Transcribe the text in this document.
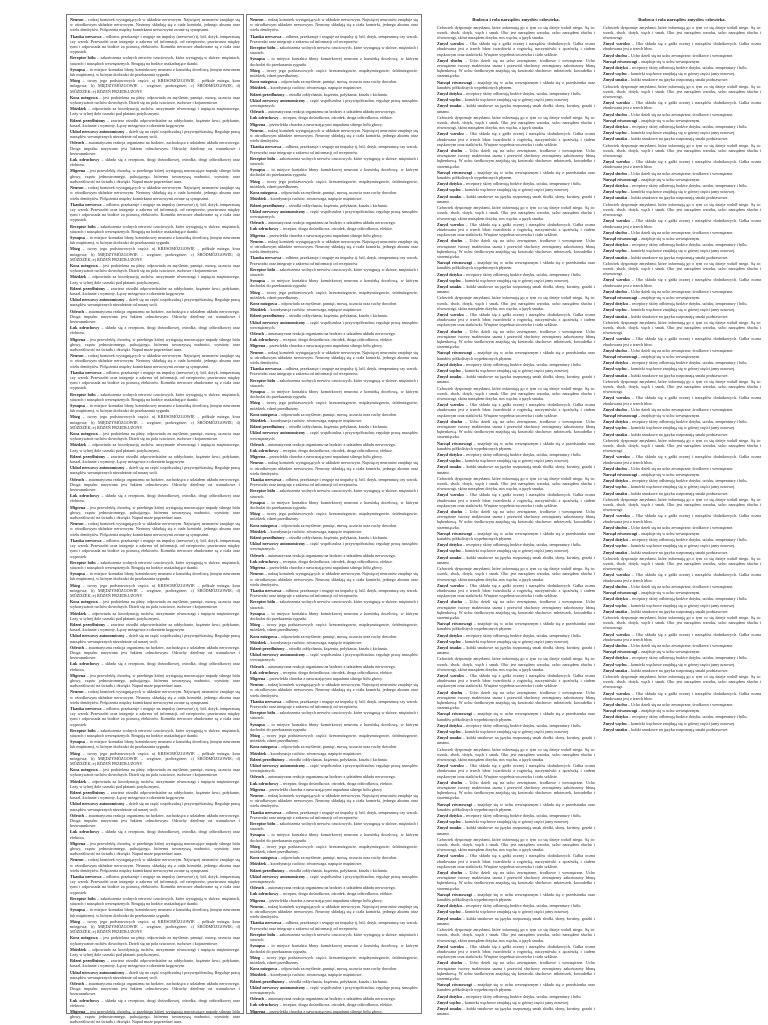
Neuron – rodzaj komórek występujących w układzie nerwowym. Najwięcej neuronów znajduje się w ośrodkowym układzie nerwowym. Neurony składają się z ciała komórki, jednego aksonu oraz wielu dendrytów. Połączenia między komórkami nerwowymi zwane są synapsami.

Tkanka nerwowa – odbiera, przekazuje i reaguje na impulsy (nerwowe) tj. ból, dotyk, temperaturę czy wzrok. Przewodzi oraz integruje z zakresu od informacji, od receptorów, przetwarza między tymi i odpowiada na bodźce za pomocą efektorów. Komórki nerwowe zbudowane są z ciała oraz wypustek.

Receptor bólu – zakończenia wolnych nerwów czuciowych, które występują w skórze, mięśniach, stawach i narządach wewnętrznych. Reagują na bodźce uszkadzające tkanki.

Synapsa – to miejsce kontaktu błony komórkowej neuronu z komórką docelową (innym neuronem lub mięśniem), w którym dochodzi do przekazania sygnału.

Mózg – twory jego podstawowych części: a) KRESOMÓZGOWIE – półkule mózgu, kora mózgowa; b) MIĘDZYMÓZGOWIE – wzgórze, podwzgórze; c) ŚRÓDMÓZGOWIE; d) MÓŻDŻEK; e) RDZEŃ PRZEDŁUŻONY.

Kora mózgowa – jest podzielona na płaty, odpowiada za myślenie, pamięć, mowę, uczucia oraz wykonywanie ruchów dowolnych. Dzieli się na pola czuciowe, ruchowe i kojarzeniowe.

Móżdżek – odpowiada za koordynację ruchów, utrzymanie równowagi i napięcia mięśniowego. Leży w tylnej dole czaszki pod płatami potylicznymi.

Rdzeń przedłużony – zawiera ośrodki odpowiedzialne za oddychanie, krążenie krwi, połykanie, kaszel, kichanie i wymioty. Łączy mózgowie z rdzeniem kręgowym.

Układ nerwowy autonomiczny – dzieli się na część współczulną i przywspółczulną. Reguluje pracę narządów wewnętrznych niezależnie od naszej woli.

Odruch – automatyczna reakcja organizmu na bodziec, zachodząca z udziałem układu nerwowego. Droga impulsu nazywana jest łukiem odruchowym. Odruchy dzielimy na warunkowe i bezwarunkowe.

Łuk odruchowy – składa się z receptora, drogi dośrodkowej, ośrodka, drogi odśrodkowej oraz efektora.

Migrena – jest przewlekłą chorobą, w przebiegu której występują nawracające napady silnego bólu głowy, często jednostronnego, pulsującego, któremu towarzyszą nudności, wymioty oraz nadwrażliwość na światło i dźwięki. Napad może poprzedzać aura.

Neuron – rodzaj komórek występujących w układzie nerwowym. Najwięcej neuronów znajduje się w ośrodkowym układzie nerwowym. Neurony składają się z ciała komórki, jednego aksonu oraz wielu dendrytów. Połączenia między komórkami nerwowymi zwane są synapsami.

Tkanka nerwowa – odbiera, przekazuje i reaguje na impulsy (nerwowe) tj. ból, dotyk, temperaturę czy wzrok. Przewodzi oraz integruje z zakresu od informacji, od receptorów, przetwarza między tymi i odpowiada na bodźce za pomocą efektorów. Komórki nerwowe zbudowane są z ciała oraz wypustek.

Receptor bólu – zakończenia wolnych nerwów czuciowych, które występują w skórze, mięśniach, stawach i narządach wewnętrznych. Reagują na bodźce uszkadzające tkanki.

Synapsa – to miejsce kontaktu błony komórkowej neuronu z komórką docelową (innym neuronem lub mięśniem), w którym dochodzi do przekazania sygnału.

Mózg – twory jego podstawowych części: a) KRESOMÓZGOWIE – półkule mózgu, kora mózgowa; b) MIĘDZYMÓZGOWIE – wzgórze, podwzgórze; c) ŚRÓDMÓZGOWIE; d) MÓŻDŻEK; e) RDZEŃ PRZEDŁUŻONY.

Kora mózgowa – jest podzielona na płaty, odpowiada za myślenie, pamięć, mowę, uczucia oraz wykonywanie ruchów dowolnych. Dzieli się na pola czuciowe, ruchowe i kojarzeniowe.

Móżdżek – odpowiada za koordynację ruchów, utrzymanie równowagi i napięcia mięśniowego. Leży w tylnej dole czaszki pod płatami potylicznymi.

Rdzeń przedłużony – zawiera ośrodki odpowiedzialne za oddychanie, krążenie krwi, połykanie, kaszel, kichanie i wymioty. Łączy mózgowie z rdzeniem kręgowym.

Układ nerwowy autonomiczny – dzieli się na część współczulną i przywspółczulną. Reguluje pracę narządów wewnętrznych niezależnie od naszej woli.

Odruch – automatyczna reakcja organizmu na bodziec, zachodząca z udziałem układu nerwowego. Droga impulsu nazywana jest łukiem odruchowym. Odruchy dzielimy na warunkowe i bezwarunkowe.

Łuk odruchowy – składa się z receptora, drogi dośrodkowej, ośrodka, drogi odśrodkowej oraz efektora.

Migrena – jest przewlekłą chorobą, w przebiegu której występują nawracające napady silnego bólu głowy, często jednostronnego, pulsującego, któremu towarzyszą nudności, wymioty oraz nadwrażliwość na światło i dźwięki. Napad może poprzedzać aura.

Neuron – rodzaj komórek występujących w układzie nerwowym. Najwięcej neuronów znajduje się w ośrodkowym układzie nerwowym. Neurony składają się z ciała komórki, jednego aksonu oraz wielu dendrytów. Połączenia między komórkami nerwowymi zwane są synapsami.

Tkanka nerwowa – odbiera, przekazuje i reaguje na impulsy (nerwowe) tj. ból, dotyk, temperaturę czy wzrok. Przewodzi oraz integruje z zakresu od informacji, od receptorów, przetwarza między tymi i odpowiada na bodźce za pomocą efektorów. Komórki nerwowe zbudowane są z ciała oraz wypustek.

Receptor bólu – zakończenia wolnych nerwów czuciowych, które występują w skórze, mięśniach, stawach i narządach wewnętrznych. Reagują na bodźce uszkadzające tkanki.

Synapsa – to miejsce kontaktu błony komórkowej neuronu z komórką docelową (innym neuronem lub mięśniem), w którym dochodzi do przekazania sygnału.

Mózg – twory jego podstawowych części: a) KRESOMÓZGOWIE – półkule mózgu, kora mózgowa; b) MIĘDZYMÓZGOWIE – wzgórze, podwzgórze; c) ŚRÓDMÓZGOWIE; d) MÓŻDŻEK; e) RDZEŃ PRZEDŁUŻONY.

Kora mózgowa – jest podzielona na płaty, odpowiada za myślenie, pamięć, mowę, uczucia oraz wykonywanie ruchów dowolnych. Dzieli się na pola czuciowe, ruchowe i kojarzeniowe.

Móżdżek – odpowiada za koordynację ruchów, utrzymanie równowagi i napięcia mięśniowego. Leży w tylnej dole czaszki pod płatami potylicznymi.

Rdzeń przedłużony – zawiera ośrodki odpowiedzialne za oddychanie, krążenie krwi, połykanie, kaszel, kichanie i wymioty. Łączy mózgowie z rdzeniem kręgowym.

Układ nerwowy autonomiczny – dzieli się na część współczulną i przywspółczulną. Reguluje pracę narządów wewnętrznych niezależnie od naszej woli.

Odruch – automatyczna reakcja organizmu na bodziec, zachodząca z udziałem układu nerwowego. Droga impulsu nazywana jest łukiem odruchowym. Odruchy dzielimy na warunkowe i bezwarunkowe.

Łuk odruchowy – składa się z receptora, drogi dośrodkowej, ośrodka, drogi odśrodkowej oraz efektora.

Migrena – jest przewlekłą chorobą, w przebiegu której występują nawracające napady silnego bólu głowy, często jednostronnego, pulsującego, któremu towarzyszą nudności, wymioty oraz nadwrażliwość na światło i dźwięki. Napad może poprzedzać aura.

Neuron – rodzaj komórek występujących w układzie nerwowym. Najwięcej neuronów znajduje się w ośrodkowym układzie nerwowym. Neurony składają się z ciała komórki, jednego aksonu oraz wielu dendrytów. Połączenia między komórkami nerwowymi zwane są synapsami.

Tkanka nerwowa – odbiera, przekazuje i reaguje na impulsy (nerwowe) tj. ból, dotyk, temperaturę czy wzrok. Przewodzi oraz integruje z zakresu od informacji, od receptorów, przetwarza między tymi i odpowiada na bodźce za pomocą efektorów. Komórki nerwowe zbudowane są z ciała oraz wypustek.

Receptor bólu – zakończenia wolnych nerwów czuciowych, które występują w skórze, mięśniach, stawach i narządach wewnętrznych. Reagują na bodźce uszkadzające tkanki.

Synapsa – to miejsce kontaktu błony komórkowej neuronu z komórką docelową (innym neuronem lub mięśniem), w którym dochodzi do przekazania sygnału.

Mózg – twory jego podstawowych części: a) KRESOMÓZGOWIE – półkule mózgu, kora mózgowa; b) MIĘDZYMÓZGOWIE – wzgórze, podwzgórze; c) ŚRÓDMÓZGOWIE; d) MÓŻDŻEK; e) RDZEŃ PRZEDŁUŻONY.

Kora mózgowa – jest podzielona na płaty, odpowiada za myślenie, pamięć, mowę, uczucia oraz wykonywanie ruchów dowolnych. Dzieli się na pola czuciowe, ruchowe i kojarzeniowe.

Móżdżek – odpowiada za koordynację ruchów, utrzymanie równowagi i napięcia mięśniowego. Leży w tylnej dole czaszki pod płatami potylicznymi.

Rdzeń przedłużony – zawiera ośrodki odpowiedzialne za oddychanie, krążenie krwi, połykanie, kaszel, kichanie i wymioty. Łączy mózgowie z rdzeniem kręgowym.

Układ nerwowy autonomiczny – dzieli się na część współczulną i przywspółczulną. Reguluje pracę narządów wewnętrznych niezależnie od naszej woli.

Odruch – automatyczna reakcja organizmu na bodziec, zachodząca z udziałem układu nerwowego. Droga impulsu nazywana jest łukiem odruchowym. Odruchy dzielimy na warunkowe i bezwarunkowe.

Łuk odruchowy – składa się z receptora, drogi dośrodkowej, ośrodka, drogi odśrodkowej oraz efektora.

Migrena – jest przewlekłą chorobą, w przebiegu której występują nawracające napady silnego bólu głowy, często jednostronnego, pulsującego, któremu towarzyszą nudności, wymioty oraz nadwrażliwość na światło i dźwięki. Napad może poprzedzać aura.

Neuron – rodzaj komórek występujących w układzie nerwowym. Najwięcej neuronów znajduje się w ośrodkowym układzie nerwowym. Neurony składają się z ciała komórki, jednego aksonu oraz wielu dendrytów. Połączenia między komórkami nerwowymi zwane są synapsami.

Tkanka nerwowa – odbiera, przekazuje i reaguje na impulsy (nerwowe) tj. ból, dotyk, temperaturę czy wzrok. Przewodzi oraz integruje z zakresu od informacji, od receptorów, przetwarza między tymi i odpowiada na bodźce za pomocą efektorów. Komórki nerwowe zbudowane są z ciała oraz wypustek.

Receptor bólu – zakończenia wolnych nerwów czuciowych, które występują w skórze, mięśniach, stawach i narządach wewnętrznych. Reagują na bodźce uszkadzające tkanki.

Synapsa – to miejsce kontaktu błony komórkowej neuronu z komórką docelową (innym neuronem lub mięśniem), w którym dochodzi do przekazania sygnału.

Mózg – twory jego podstawowych części: a) KRESOMÓZGOWIE – półkule mózgu, kora mózgowa; b) MIĘDZYMÓZGOWIE – wzgórze, podwzgórze; c) ŚRÓDMÓZGOWIE; d) MÓŻDŻEK; e) RDZEŃ PRZEDŁUŻONY.

Kora mózgowa – jest podzielona na płaty, odpowiada za myślenie, pamięć, mowę, uczucia oraz wykonywanie ruchów dowolnych. Dzieli się na pola czuciowe, ruchowe i kojarzeniowe.

Móżdżek – odpowiada za koordynację ruchów, utrzymanie równowagi i napięcia mięśniowego. Leży w tylnej dole czaszki pod płatami potylicznymi.

Rdzeń przedłużony – zawiera ośrodki odpowiedzialne za oddychanie, krążenie krwi, połykanie, kaszel, kichanie i wymioty. Łączy mózgowie z rdzeniem kręgowym.

Układ nerwowy autonomiczny – dzieli się na część współczulną i przywspółczulną. Reguluje pracę narządów wewnętrznych niezależnie od naszej woli.

Odruch – automatyczna reakcja organizmu na bodziec, zachodząca z udziałem układu nerwowego. Droga impulsu nazywana jest łukiem odruchowym. Odruchy dzielimy na warunkowe i bezwarunkowe.

Łuk odruchowy – składa się z receptora, drogi dośrodkowej, ośrodka, drogi odśrodkowej oraz efektora.

Migrena – jest przewlekłą chorobą, w przebiegu której występują nawracające napady silnego bólu głowy, często jednostronnego, pulsującego, któremu towarzyszą nudności, wymioty oraz nadwrażliwość na światło i dźwięki. Napad może poprzedzać aura.

Neuron – rodzaj komórek występujących w układzie nerwowym. Najwięcej neuronów znajduje się w ośrodkowym układzie nerwowym. Neurony składają się z ciała komórki, jednego aksonu oraz wielu dendrytów. Połączenia między komórkami nerwowymi zwane są synapsami.

Tkanka nerwowa – odbiera, przekazuje i reaguje na impulsy (nerwowe) tj. ból, dotyk, temperaturę czy wzrok. Przewodzi oraz integruje z zakresu od informacji, od receptorów, przetwarza między tymi i odpowiada na bodźce za pomocą efektorów. Komórki nerwowe zbudowane są z ciała oraz wypustek.

Receptor bólu – zakończenia wolnych nerwów czuciowych, które występują w skórze, mięśniach, stawach i narządach wewnętrznych. Reagują na bodźce uszkadzające tkanki.

Synapsa – to miejsce kontaktu błony komórkowej neuronu z komórką docelową (innym neuronem lub mięśniem), w którym dochodzi do przekazania sygnału.

Mózg – twory jego podstawowych części: a) KRESOMÓZGOWIE – półkule mózgu, kora mózgowa; b) MIĘDZYMÓZGOWIE – wzgórze, podwzgórze; c) ŚRÓDMÓZGOWIE; d) MÓŻDŻEK; e) RDZEŃ PRZEDŁUŻONY.

Kora mózgowa – jest podzielona na płaty, odpowiada za myślenie, pamięć, mowę, uczucia oraz wykonywanie ruchów dowolnych. Dzieli się na pola czuciowe, ruchowe i kojarzeniowe.

Móżdżek – odpowiada za koordynację ruchów, utrzymanie równowagi i napięcia mięśniowego. Leży w tylnej dole czaszki pod płatami potylicznymi.

Rdzeń przedłużony – zawiera ośrodki odpowiedzialne za oddychanie, krążenie krwi, połykanie, kaszel, kichanie i wymioty. Łączy mózgowie z rdzeniem kręgowym.

Układ nerwowy autonomiczny – dzieli się na część współczulną i przywspółczulną. Reguluje pracę narządów wewnętrznych niezależnie od naszej woli.

Odruch – automatyczna reakcja organizmu na bodziec, zachodząca z udziałem układu nerwowego. Droga impulsu nazywana jest łukiem odruchowym. Odruchy dzielimy na warunkowe i bezwarunkowe.

Łuk odruchowy – składa się z receptora, drogi dośrodkowej, ośrodka, drogi odśrodkowej oraz efektora.

Migrena – jest przewlekłą chorobą, w przebiegu której występują nawracające napady silnego bólu głowy, często jednostronnego, pulsującego, któremu towarzyszą nudności, wymioty oraz nadwrażliwość na światło i dźwięki. Napad może poprzedzać aura.

Neuron – rodzaj komórek występujących w układzie nerwowym. Najwięcej neuronów znajduje się w ośrodkowym układzie nerwowym. Neurony składają się z ciała komórki, jednego aksonu oraz wielu dendrytów.

Tkanka nerwowa – odbiera, przekazuje i reaguje na impulsy tj. ból, dotyk, temperaturę czy wzrok. Przewodzi oraz integruje z zakresu od informacji od receptorów.

Receptor bólu – zakończenia wolnych nerwów czuciowych, które występują w skórze, mięśniach i stawach.

Synapsa – to miejsce kontaktu błony komórkowej neuronu z komórką docelową, w którym dochodzi do przekazania sygnału.

Mózg – twory jego podstawowych części: kresomózgowie, międzymózgowie, śródmózgowie, móżdżek, rdzeń przedłużony.

Kora mózgowa – odpowiada za myślenie, pamięć, mowę, uczucia oraz ruchy dowolne.

Móżdżek – koordynacja ruchów, równowaga, napięcie mięśniowe.

Rdzeń przedłużony – ośrodki oddychania, krążenia, połykania, kaszlu i kichania.

Układ nerwowy autonomiczny – część współczulna i przywspółczulna; reguluje pracę narządów wewnętrznych.

Odruch – automatyczna reakcja organizmu na bodziec z udziałem układu nerwowego.

Łuk odruchowy – receptor, droga dośrodkowa, ośrodek, droga odśrodkowa, efektor.

Migrena – przewlekła choroba z nawracającymi napadami silnego bólu głowy.

Neuron – rodzaj komórek występujących w układzie nerwowym. Najwięcej neuronów znajduje się w ośrodkowym układzie nerwowym. Neurony składają się z ciała komórki, jednego aksonu oraz wielu dendrytów.

Tkanka nerwowa – odbiera, przekazuje i reaguje na impulsy tj. ból, dotyk, temperaturę czy wzrok. Przewodzi oraz integruje z zakresu od informacji od receptorów.

Receptor bólu – zakończenia wolnych nerwów czuciowych, które występują w skórze, mięśniach i stawach.

Synapsa – to miejsce kontaktu błony komórkowej neuronu z komórką docelową, w którym dochodzi do przekazania sygnału.

Mózg – twory jego podstawowych części: kresomózgowie, międzymózgowie, śródmózgowie, móżdżek, rdzeń przedłużony.

Kora mózgowa – odpowiada za myślenie, pamięć, mowę, uczucia oraz ruchy dowolne.

Móżdżek – koordynacja ruchów, równowaga, napięcie mięśniowe.

Rdzeń przedłużony – ośrodki oddychania, krążenia, połykania, kaszlu i kichania.

Układ nerwowy autonomiczny – część współczulna i przywspółczulna; reguluje pracę narządów wewnętrznych.

Odruch – automatyczna reakcja organizmu na bodziec z udziałem układu nerwowego.

Łuk odruchowy – receptor, droga dośrodkowa, ośrodek, droga odśrodkowa, efektor.

Migrena – przewlekła choroba z nawracającymi napadami silnego bólu głowy.

Neuron – rodzaj komórek występujących w układzie nerwowym. Najwięcej neuronów znajduje się w ośrodkowym układzie nerwowym. Neurony składają się z ciała komórki, jednego aksonu oraz wielu dendrytów.

Tkanka nerwowa – odbiera, przekazuje i reaguje na impulsy tj. ból, dotyk, temperaturę czy wzrok. Przewodzi oraz integruje z zakresu od informacji od receptorów.

Receptor bólu – zakończenia wolnych nerwów czuciowych, które występują w skórze, mięśniach i stawach.

Synapsa – to miejsce kontaktu błony komórkowej neuronu z komórką docelową, w którym dochodzi do przekazania sygnału.

Mózg – twory jego podstawowych części: kresomózgowie, międzymózgowie, śródmózgowie, móżdżek, rdzeń przedłużony.

Kora mózgowa – odpowiada za myślenie, pamięć, mowę, uczucia oraz ruchy dowolne.

Móżdżek – koordynacja ruchów, równowaga, napięcie mięśniowe.

Rdzeń przedłużony – ośrodki oddychania, krążenia, połykania, kaszlu i kichania.

Układ nerwowy autonomiczny – część współczulna i przywspółczulna; reguluje pracę narządów wewnętrznych.

Odruch – automatyczna reakcja organizmu na bodziec z udziałem układu nerwowego.

Łuk odruchowy – receptor, droga dośrodkowa, ośrodek, droga odśrodkowa, efektor.

Migrena – przewlekła choroba z nawracającymi napadami silnego bólu głowy.

Neuron – rodzaj komórek występujących w układzie nerwowym. Najwięcej neuronów znajduje się w ośrodkowym układzie nerwowym. Neurony składają się z ciała komórki, jednego aksonu oraz wielu dendrytów.

Tkanka nerwowa – odbiera, przekazuje i reaguje na impulsy tj. ból, dotyk, temperaturę czy wzrok. Przewodzi oraz integruje z zakresu od informacji od receptorów.

Receptor bólu – zakończenia wolnych nerwów czuciowych, które występują w skórze, mięśniach i stawach.

Synapsa – to miejsce kontaktu błony komórkowej neuronu z komórką docelową, w którym dochodzi do przekazania sygnału.

Mózg – twory jego podstawowych części: kresomózgowie, międzymózgowie, śródmózgowie, móżdżek, rdzeń przedłużony.

Kora mózgowa – odpowiada za myślenie, pamięć, mowę, uczucia oraz ruchy dowolne.

Móżdżek – koordynacja ruchów, równowaga, napięcie mięśniowe.

Rdzeń przedłużony – ośrodki oddychania, krążenia, połykania, kaszlu i kichania.

Układ nerwowy autonomiczny – część współczulna i przywspółczulna; reguluje pracę narządów wewnętrznych.

Odruch – automatyczna reakcja organizmu na bodziec z udziałem układu nerwowego.

Łuk odruchowy – receptor, droga dośrodkowa, ośrodek, droga odśrodkowa, efektor.

Migrena – przewlekła choroba z nawracającymi napadami silnego bólu głowy.

Neuron – rodzaj komórek występujących w układzie nerwowym. Najwięcej neuronów znajduje się w ośrodkowym układzie nerwowym. Neurony składają się z ciała komórki, jednego aksonu oraz wielu dendrytów.

Tkanka nerwowa – odbiera, przekazuje i reaguje na impulsy tj. ból, dotyk, temperaturę czy wzrok. Przewodzi oraz integruje z zakresu od informacji od receptorów.

Receptor bólu – zakończenia wolnych nerwów czuciowych, które występują w skórze, mięśniach i stawach.

Synapsa – to miejsce kontaktu błony komórkowej neuronu z komórką docelową, w którym dochodzi do przekazania sygnału.

Mózg – twory jego podstawowych części: kresomózgowie, międzymózgowie, śródmózgowie, móżdżek, rdzeń przedłużony.

Kora mózgowa – odpowiada za myślenie, pamięć, mowę, uczucia oraz ruchy dowolne.

Móżdżek – koordynacja ruchów, równowaga, napięcie mięśniowe.

Rdzeń przedłużony – ośrodki oddychania, krążenia, połykania, kaszlu i kichania.

Układ nerwowy autonomiczny – część współczulna i przywspółczulna; reguluje pracę narządów wewnętrznych.

Odruch – automatyczna reakcja organizmu na bodziec z udziałem układu nerwowego.

Łuk odruchowy – receptor, droga dośrodkowa, ośrodek, droga odśrodkowa, efektor.

Migrena – przewlekła choroba z nawracającymi napadami silnego bólu głowy.

Neuron – rodzaj komórek występujących w układzie nerwowym. Najwięcej neuronów znajduje się w ośrodkowym układzie nerwowym. Neurony składają się z ciała komórki, jednego aksonu oraz wielu dendrytów.

Tkanka nerwowa – odbiera, przekazuje i reaguje na impulsy tj. ból, dotyk, temperaturę czy wzrok. Przewodzi oraz integruje z zakresu od informacji od receptorów.

Receptor bólu – zakończenia wolnych nerwów czuciowych, które występują w skórze, mięśniach i stawach.

Synapsa – to miejsce kontaktu błony komórkowej neuronu z komórką docelową, w którym dochodzi do przekazania sygnału.

Mózg – twory jego podstawowych części: kresomózgowie, międzymózgowie, śródmózgowie, móżdżek, rdzeń przedłużony.

Kora mózgowa – odpowiada za myślenie, pamięć, mowę, uczucia oraz ruchy dowolne.

Móżdżek – koordynacja ruchów, równowaga, napięcie mięśniowe.

Rdzeń przedłużony – ośrodki oddychania, krążenia, połykania, kaszlu i kichania.

Układ nerwowy autonomiczny – część współczulna i przywspółczulna; reguluje pracę narządów wewnętrznych.

Odruch – automatyczna reakcja organizmu na bodziec z udziałem układu nerwowego.

Łuk odruchowy – receptor, droga dośrodkowa, ośrodek, droga odśrodkowa, efektor.

Migrena – przewlekła choroba z nawracającymi napadami silnego bólu głowy.

Neuron – rodzaj komórek występujących w układzie nerwowym. Najwięcej neuronów znajduje się w ośrodkowym układzie nerwowym. Neurony składają się z ciała komórki, jednego aksonu oraz wielu dendrytów.

Tkanka nerwowa – odbiera, przekazuje i reaguje na impulsy tj. ból, dotyk, temperaturę czy wzrok. Przewodzi oraz integruje z zakresu od informacji od receptorów.

Receptor bólu – zakończenia wolnych nerwów czuciowych, które występują w skórze, mięśniach i stawach.

Synapsa – to miejsce kontaktu błony komórkowej neuronu z komórką docelową, w którym dochodzi do przekazania sygnału.

Mózg – twory jego podstawowych części: kresomózgowie, międzymózgowie, śródmózgowie, móżdżek, rdzeń przedłużony.

Kora mózgowa – odpowiada za myślenie, pamięć, mowę, uczucia oraz ruchy dowolne.

Móżdżek – koordynacja ruchów, równowaga, napięcie mięśniowe.

Rdzeń przedłużony – ośrodki oddychania, krążenia, połykania, kaszlu i kichania.

Układ nerwowy autonomiczny – część współczulna i przywspółczulna; reguluje pracę narządów wewnętrznych.

Odruch – automatyczna reakcja organizmu na bodziec z udziałem układu nerwowego.

Łuk odruchowy – receptor, droga dośrodkowa, ośrodek, droga odśrodkowa, efektor.

Migrena – przewlekła choroba z nawracającymi napadami silnego bólu głowy.

Neuron – rodzaj komórek występujących w układzie nerwowym. Najwięcej neuronów znajduje się w ośrodkowym układzie nerwowym. Neurony składają się z ciała komórki, jednego aksonu oraz wielu dendrytów.

Tkanka nerwowa – odbiera, przekazuje i reaguje na impulsy tj. ból, dotyk, temperaturę czy wzrok. Przewodzi oraz integruje z zakresu od informacji od receptorów.

Receptor bólu – zakończenia wolnych nerwów czuciowych, które występują w skórze, mięśniach i stawach.

Synapsa – to miejsce kontaktu błony komórkowej neuronu z komórką docelową, w którym dochodzi do przekazania sygnału.

Mózg – twory jego podstawowych części: kresomózgowie, międzymózgowie, śródmózgowie, móżdżek, rdzeń przedłużony.

Kora mózgowa – odpowiada za myślenie, pamięć, mowę, uczucia oraz ruchy dowolne.

Móżdżek – koordynacja ruchów, równowaga, napięcie mięśniowe.

Rdzeń przedłużony – ośrodki oddychania, krążenia, połykania, kaszlu i kichania.

Układ nerwowy autonomiczny – część współczulna i przywspółczulna; reguluje pracę narządów wewnętrznych.

Odruch – automatyczna reakcja organizmu na bodziec z udziałem układu nerwowego.

Łuk odruchowy – receptor, droga dośrodkowa, ośrodek, droga odśrodkowa, efektor.

Migrena – przewlekła choroba z nawracającymi napadami silnego bólu głowy.

Neuron – rodzaj komórek występujących w układzie nerwowym. Najwięcej neuronów znajduje się w ośrodkowym układzie nerwowym. Neurony składają się z ciała komórki, jednego aksonu oraz wielu dendrytów.

Tkanka nerwowa – odbiera, przekazuje i reaguje na impulsy tj. ból, dotyk, temperaturę czy wzrok. Przewodzi oraz integruje z zakresu od informacji od receptorów.

Receptor bólu – zakończenia wolnych nerwów czuciowych, które występują w skórze, mięśniach i stawach.

Synapsa – to miejsce kontaktu błony komórkowej neuronu z komórką docelową, w którym dochodzi do przekazania sygnału.

Mózg – twory jego podstawowych części: kresomózgowie, międzymózgowie, śródmózgowie, móżdżek, rdzeń przedłużony.

Kora mózgowa – odpowiada za myślenie, pamięć, mowę, uczucia oraz ruchy dowolne.

Móżdżek – koordynacja ruchów, równowaga, napięcie mięśniowe.

Rdzeń przedłużony – ośrodki oddychania, krążenia, połykania, kaszlu i kichania.

Układ nerwowy autonomiczny – część współczulna i przywspółczulna; reguluje pracę narządów wewnętrznych.

Odruch – automatyczna reakcja organizmu na bodziec z udziałem układu nerwowego.

Łuk odruchowy – receptor, droga dośrodkowa, ośrodek, droga odśrodkowa, efektor.

Migrena – przewlekła choroba z nawracającymi napadami silnego bólu głowy.

Budowa i rola narządów zmysłów człowieka.

Człowiek dysponuje zmysłami, które informują go o tym co się dzieje wokół niego. Są to: wzrok, słuch, dotyk, węch i smak. Oko jest narządem wzroku, ucho narządem słuchu i równowagi, skóra narządem dotyku, nos węchu, a język smaku.

Zmysł wzroku – Oko składa się z gałki ocznej i narządów dodatkowych. Gałka oczna zbudowana jest z trzech błon: twardówki z rogówką, naczyniówki z tęczówką i ciałem rzęskowym oraz siatkówki. Wnętrze wypełnia soczewka i ciało szkliste.

Zmysł słuchu – Ucho dzieli się na ucho zewnętrzne, środkowe i wewnętrzne. Ucho zewnętrzne tworzy małżowina uszna i przewód słuchowy zewnętrzny zakończony błoną bębenkową. W uchu środkowym znajdują się kosteczki słuchowe: młoteczek, kowadełko i strzemiączko.

Narząd równowagi – znajduje się w uchu wewnętrznym i składa się z przedsionka oraz kanałów półkolistych wypełnionych płynem.

Zmysł dotyku – receptory skóry odbierają bodźce dotyku, ucisku, temperatury i bólu.

Zmysł węchu – komórki węchowe znajdują się w górnej części jamy nosowej.

Zmysł smaku – kubki smakowe na języku rozpoznają smak słodki, słony, kwaśny, gorzki i umami.

Człowiek dysponuje zmysłami, które informują go o tym co się dzieje wokół niego. Są to: wzrok, słuch, dotyk, węch i smak. Oko jest narządem wzroku, ucho narządem słuchu i równowagi, skóra narządem dotyku, nos węchu, a język smaku.

Zmysł wzroku – Oko składa się z gałki ocznej i narządów dodatkowych. Gałka oczna zbudowana jest z trzech błon: twardówki z rogówką, naczyniówki z tęczówką i ciałem rzęskowym oraz siatkówki. Wnętrze wypełnia soczewka i ciało szkliste.

Zmysł słuchu – Ucho dzieli się na ucho zewnętrzne, środkowe i wewnętrzne. Ucho zewnętrzne tworzy małżowina uszna i przewód słuchowy zewnętrzny zakończony błoną bębenkową. W uchu środkowym znajdują się kosteczki słuchowe: młoteczek, kowadełko i strzemiączko.

Narząd równowagi – znajduje się w uchu wewnętrznym i składa się z przedsionka oraz kanałów półkolistych wypełnionych płynem.

Zmysł dotyku – receptory skóry odbierają bodźce dotyku, ucisku, temperatury i bólu.

Zmysł węchu – komórki węchowe znajdują się w górnej części jamy nosowej.

Zmysł smaku – kubki smakowe na języku rozpoznają smak słodki, słony, kwaśny, gorzki i umami.

Człowiek dysponuje zmysłami, które informują go o tym co się dzieje wokół niego. Są to: wzrok, słuch, dotyk, węch i smak. Oko jest narządem wzroku, ucho narządem słuchu i równowagi, skóra narządem dotyku, nos węchu, a język smaku.

Zmysł wzroku – Oko składa się z gałki ocznej i narządów dodatkowych. Gałka oczna zbudowana jest z trzech błon: twardówki z rogówką, naczyniówki z tęczówką i ciałem rzęskowym oraz siatkówki. Wnętrze wypełnia soczewka i ciało szkliste.

Zmysł słuchu – Ucho dzieli się na ucho zewnętrzne, środkowe i wewnętrzne. Ucho zewnętrzne tworzy małżowina uszna i przewód słuchowy zewnętrzny zakończony błoną bębenkową. W uchu środkowym znajdują się kosteczki słuchowe: młoteczek, kowadełko i strzemiączko.

Narząd równowagi – znajduje się w uchu wewnętrznym i składa się z przedsionka oraz kanałów półkolistych wypełnionych płynem.

Zmysł dotyku – receptory skóry odbierają bodźce dotyku, ucisku, temperatury i bólu.

Zmysł węchu – komórki węchowe znajdują się w górnej części jamy nosowej.

Zmysł smaku – kubki smakowe na języku rozpoznają smak słodki, słony, kwaśny, gorzki i umami.

Człowiek dysponuje zmysłami, które informują go o tym co się dzieje wokół niego. Są to: wzrok, słuch, dotyk, węch i smak. Oko jest narządem wzroku, ucho narządem słuchu i równowagi, skóra narządem dotyku, nos węchu, a język smaku.

Zmysł wzroku – Oko składa się z gałki ocznej i narządów dodatkowych. Gałka oczna zbudowana jest z trzech błon: twardówki z rogówką, naczyniówki z tęczówką i ciałem rzęskowym oraz siatkówki. Wnętrze wypełnia soczewka i ciało szkliste.

Zmysł słuchu – Ucho dzieli się na ucho zewnętrzne, środkowe i wewnętrzne. Ucho zewnętrzne tworzy małżowina uszna i przewód słuchowy zewnętrzny zakończony błoną bębenkową. W uchu środkowym znajdują się kosteczki słuchowe: młoteczek, kowadełko i strzemiączko.

Narząd równowagi – znajduje się w uchu wewnętrznym i składa się z przedsionka oraz kanałów półkolistych wypełnionych płynem.

Zmysł dotyku – receptory skóry odbierają bodźce dotyku, ucisku, temperatury i bólu.

Zmysł węchu – komórki węchowe znajdują się w górnej części jamy nosowej.

Zmysł smaku – kubki smakowe na języku rozpoznają smak słodki, słony, kwaśny, gorzki i umami.

Człowiek dysponuje zmysłami, które informują go o tym co się dzieje wokół niego. Są to: wzrok, słuch, dotyk, węch i smak. Oko jest narządem wzroku, ucho narządem słuchu i równowagi, skóra narządem dotyku, nos węchu, a język smaku.

Zmysł wzroku – Oko składa się z gałki ocznej i narządów dodatkowych. Gałka oczna zbudowana jest z trzech błon: twardówki z rogówką, naczyniówki z tęczówką i ciałem rzęskowym oraz siatkówki. Wnętrze wypełnia soczewka i ciało szkliste.

Zmysł słuchu – Ucho dzieli się na ucho zewnętrzne, środkowe i wewnętrzne. Ucho zewnętrzne tworzy małżowina uszna i przewód słuchowy zewnętrzny zakończony błoną bębenkową. W uchu środkowym znajdują się kosteczki słuchowe: młoteczek, kowadełko i strzemiączko.

Narząd równowagi – znajduje się w uchu wewnętrznym i składa się z przedsionka oraz kanałów półkolistych wypełnionych płynem.

Zmysł dotyku – receptory skóry odbierają bodźce dotyku, ucisku, temperatury i bólu.

Zmysł węchu – komórki węchowe znajdują się w górnej części jamy nosowej.

Zmysł smaku – kubki smakowe na języku rozpoznają smak słodki, słony, kwaśny, gorzki i umami.

Człowiek dysponuje zmysłami, które informują go o tym co się dzieje wokół niego. Są to: wzrok, słuch, dotyk, węch i smak. Oko jest narządem wzroku, ucho narządem słuchu i równowagi, skóra narządem dotyku, nos węchu, a język smaku.

Zmysł wzroku – Oko składa się z gałki ocznej i narządów dodatkowych. Gałka oczna zbudowana jest z trzech błon: twardówki z rogówką, naczyniówki z tęczówką i ciałem rzęskowym oraz siatkówki. Wnętrze wypełnia soczewka i ciało szkliste.

Zmysł słuchu – Ucho dzieli się na ucho zewnętrzne, środkowe i wewnętrzne. Ucho zewnętrzne tworzy małżowina uszna i przewód słuchowy zewnętrzny zakończony błoną bębenkową. W uchu środkowym znajdują się kosteczki słuchowe: młoteczek, kowadełko i strzemiączko.

Narząd równowagi – znajduje się w uchu wewnętrznym i składa się z przedsionka oraz kanałów półkolistych wypełnionych płynem.

Zmysł dotyku – receptory skóry odbierają bodźce dotyku, ucisku, temperatury i bólu.

Zmysł węchu – komórki węchowe znajdują się w górnej części jamy nosowej.

Zmysł smaku – kubki smakowe na języku rozpoznają smak słodki, słony, kwaśny, gorzki i umami.

Człowiek dysponuje zmysłami, które informują go o tym co się dzieje wokół niego. Są to: wzrok, słuch, dotyk, węch i smak. Oko jest narządem wzroku, ucho narządem słuchu i równowagi, skóra narządem dotyku, nos węchu, a język smaku.

Zmysł wzroku – Oko składa się z gałki ocznej i narządów dodatkowych. Gałka oczna zbudowana jest z trzech błon: twardówki z rogówką, naczyniówki z tęczówką i ciałem rzęskowym oraz siatkówki. Wnętrze wypełnia soczewka i ciało szkliste.

Zmysł słuchu – Ucho dzieli się na ucho zewnętrzne, środkowe i wewnętrzne. Ucho zewnętrzne tworzy małżowina uszna i przewód słuchowy zewnętrzny zakończony błoną bębenkową. W uchu środkowym znajdują się kosteczki słuchowe: młoteczek, kowadełko i strzemiączko.

Narząd równowagi – znajduje się w uchu wewnętrznym i składa się z przedsionka oraz kanałów półkolistych wypełnionych płynem.

Zmysł dotyku – receptory skóry odbierają bodźce dotyku, ucisku, temperatury i bólu.

Zmysł węchu – komórki węchowe znajdują się w górnej części jamy nosowej.

Zmysł smaku – kubki smakowe na języku rozpoznają smak słodki, słony, kwaśny, gorzki i umami.

Człowiek dysponuje zmysłami, które informują go o tym co się dzieje wokół niego. Są to: wzrok, słuch, dotyk, węch i smak. Oko jest narządem wzroku, ucho narządem słuchu i równowagi, skóra narządem dotyku, nos węchu, a język smaku.

Zmysł wzroku – Oko składa się z gałki ocznej i narządów dodatkowych. Gałka oczna zbudowana jest z trzech błon: twardówki z rogówką, naczyniówki z tęczówką i ciałem rzęskowym oraz siatkówki. Wnętrze wypełnia soczewka i ciało szkliste.

Zmysł słuchu – Ucho dzieli się na ucho zewnętrzne, środkowe i wewnętrzne. Ucho zewnętrzne tworzy małżowina uszna i przewód słuchowy zewnętrzny zakończony błoną bębenkową. W uchu środkowym znajdują się kosteczki słuchowe: młoteczek, kowadełko i strzemiączko.

Narząd równowagi – znajduje się w uchu wewnętrznym i składa się z przedsionka oraz kanałów półkolistych wypełnionych płynem.

Zmysł dotyku – receptory skóry odbierają bodźce dotyku, ucisku, temperatury i bólu.

Zmysł węchu – komórki węchowe znajdują się w górnej części jamy nosowej.

Zmysł smaku – kubki smakowe na języku rozpoznają smak słodki, słony, kwaśny, gorzki i umami.

Człowiek dysponuje zmysłami, które informują go o tym co się dzieje wokół niego. Są to: wzrok, słuch, dotyk, węch i smak. Oko jest narządem wzroku, ucho narządem słuchu i równowagi, skóra narządem dotyku, nos węchu, a język smaku.

Zmysł wzroku – Oko składa się z gałki ocznej i narządów dodatkowych. Gałka oczna zbudowana jest z trzech błon: twardówki z rogówką, naczyniówki z tęczówką i ciałem rzęskowym oraz siatkówki. Wnętrze wypełnia soczewka i ciało szkliste.

Zmysł słuchu – Ucho dzieli się na ucho zewnętrzne, środkowe i wewnętrzne. Ucho zewnętrzne tworzy małżowina uszna i przewód słuchowy zewnętrzny zakończony błoną bębenkową. W uchu środkowym znajdują się kosteczki słuchowe: młoteczek, kowadełko i strzemiączko.

Narząd równowagi – znajduje się w uchu wewnętrznym i składa się z przedsionka oraz kanałów półkolistych wypełnionych płynem.

Zmysł dotyku – receptory skóry odbierają bodźce dotyku, ucisku, temperatury i bólu.

Zmysł węchu – komórki węchowe znajdują się w górnej części jamy nosowej.

Zmysł smaku – kubki smakowe na języku rozpoznają smak słodki, słony, kwaśny, gorzki i umami.

Człowiek dysponuje zmysłami, które informują go o tym co się dzieje wokół niego. Są to: wzrok, słuch, dotyk, węch i smak. Oko jest narządem wzroku, ucho narządem słuchu i równowagi, skóra narządem dotyku, nos węchu, a język smaku.

Zmysł wzroku – Oko składa się z gałki ocznej i narządów dodatkowych. Gałka oczna zbudowana jest z trzech błon: twardówki z rogówką, naczyniówki z tęczówką i ciałem rzęskowym oraz siatkówki. Wnętrze wypełnia soczewka i ciało szkliste.

Zmysł słuchu – Ucho dzieli się na ucho zewnętrzne, środkowe i wewnętrzne. Ucho zewnętrzne tworzy małżowina uszna i przewód słuchowy zewnętrzny zakończony błoną bębenkową. W uchu środkowym znajdują się kosteczki słuchowe: młoteczek, kowadełko i strzemiączko.

Narząd równowagi – znajduje się w uchu wewnętrznym i składa się z przedsionka oraz kanałów półkolistych wypełnionych płynem.

Zmysł dotyku – receptory skóry odbierają bodźce dotyku, ucisku, temperatury i bólu.

Zmysł węchu – komórki węchowe znajdują się w górnej części jamy nosowej.

Zmysł smaku – kubki smakowe na języku rozpoznają smak słodki, słony, kwaśny, gorzki i umami.

Człowiek dysponuje zmysłami, które informują go o tym co się dzieje wokół niego. Są to: wzrok, słuch, dotyk, węch i smak. Oko jest narządem wzroku, ucho narządem słuchu i równowagi, skóra narządem dotyku, nos węchu, a język smaku.

Zmysł wzroku – Oko składa się z gałki ocznej i narządów dodatkowych. Gałka oczna zbudowana jest z trzech błon: twardówki z rogówką, naczyniówki z tęczówką i ciałem rzęskowym oraz siatkówki. Wnętrze wypełnia soczewka i ciało szkliste.

Zmysł słuchu – Ucho dzieli się na ucho zewnętrzne, środkowe i wewnętrzne. Ucho zewnętrzne tworzy małżowina uszna i przewód słuchowy zewnętrzny zakończony błoną bębenkową. W uchu środkowym znajdują się kosteczki słuchowe: młoteczek, kowadełko i strzemiączko.

Narząd równowagi – znajduje się w uchu wewnętrznym i składa się z przedsionka oraz kanałów półkolistych wypełnionych płynem.

Zmysł dotyku – receptory skóry odbierają bodźce dotyku, ucisku, temperatury i bólu.

Zmysł węchu – komórki węchowe znajdują się w górnej części jamy nosowej.

Zmysł smaku – kubki smakowe na języku rozpoznają smak słodki, słony, kwaśny, gorzki i umami.

Budowa i rola narządów zmysłów człowieka.

Człowiek dysponuje zmysłami, które informują go o tym co się dzieje wokół niego. Są to: wzrok, słuch, dotyk, węch i smak. Oko jest narządem wzroku, ucho narządem słuchu i równowagi.

Zmysł wzroku – Oko składa się z gałki ocznej i narządów dodatkowych. Gałka oczna zbudowana jest z trzech błon.

Zmysł słuchu – Ucho dzieli się na ucho zewnętrzne, środkowe i wewnętrzne.

Narząd równowagi – znajduje się w uchu wewnętrznym.

Zmysł dotyku – receptory skóry odbierają bodźce dotyku, ucisku, temperatury i bólu.

Zmysł węchu – komórki węchowe znajdują się w górnej części jamy nosowej.

Zmysł smaku – kubki smakowe na języku rozpoznają smaki podstawowe.

Człowiek dysponuje zmysłami, które informują go o tym co się dzieje wokół niego. Są to: wzrok, słuch, dotyk, węch i smak. Oko jest narządem wzroku, ucho narządem słuchu i równowagi.

Zmysł wzroku – Oko składa się z gałki ocznej i narządów dodatkowych. Gałka oczna zbudowana jest z trzech błon.

Zmysł słuchu – Ucho dzieli się na ucho zewnętrzne, środkowe i wewnętrzne.

Narząd równowagi – znajduje się w uchu wewnętrznym.

Zmysł dotyku – receptory skóry odbierają bodźce dotyku, ucisku, temperatury i bólu.

Zmysł węchu – komórki węchowe znajdują się w górnej części jamy nosowej.

Zmysł smaku – kubki smakowe na języku rozpoznają smaki podstawowe.

Człowiek dysponuje zmysłami, które informują go o tym co się dzieje wokół niego. Są to: wzrok, słuch, dotyk, węch i smak. Oko jest narządem wzroku, ucho narządem słuchu i równowagi.

Zmysł wzroku – Oko składa się z gałki ocznej i narządów dodatkowych. Gałka oczna zbudowana jest z trzech błon.

Zmysł słuchu – Ucho dzieli się na ucho zewnętrzne, środkowe i wewnętrzne.

Narząd równowagi – znajduje się w uchu wewnętrznym.

Zmysł dotyku – receptory skóry odbierają bodźce dotyku, ucisku, temperatury i bólu.

Zmysł węchu – komórki węchowe znajdują się w górnej części jamy nosowej.

Zmysł smaku – kubki smakowe na języku rozpoznają smaki podstawowe.

Człowiek dysponuje zmysłami, które informują go o tym co się dzieje wokół niego. Są to: wzrok, słuch, dotyk, węch i smak. Oko jest narządem wzroku, ucho narządem słuchu i równowagi.

Zmysł wzroku – Oko składa się z gałki ocznej i narządów dodatkowych. Gałka oczna zbudowana jest z trzech błon.

Zmysł słuchu – Ucho dzieli się na ucho zewnętrzne, środkowe i wewnętrzne.

Narząd równowagi – znajduje się w uchu wewnętrznym.

Zmysł dotyku – receptory skóry odbierają bodźce dotyku, ucisku, temperatury i bólu.

Zmysł węchu – komórki węchowe znajdują się w górnej części jamy nosowej.

Zmysł smaku – kubki smakowe na języku rozpoznają smaki podstawowe.

Człowiek dysponuje zmysłami, które informują go o tym co się dzieje wokół niego. Są to: wzrok, słuch, dotyk, węch i smak. Oko jest narządem wzroku, ucho narządem słuchu i równowagi.

Zmysł wzroku – Oko składa się z gałki ocznej i narządów dodatkowych. Gałka oczna zbudowana jest z trzech błon.

Zmysł słuchu – Ucho dzieli się na ucho zewnętrzne, środkowe i wewnętrzne.

Narząd równowagi – znajduje się w uchu wewnętrznym.

Zmysł dotyku – receptory skóry odbierają bodźce dotyku, ucisku, temperatury i bólu.

Zmysł węchu – komórki węchowe znajdują się w górnej części jamy nosowej.

Zmysł smaku – kubki smakowe na języku rozpoznają smaki podstawowe.

Człowiek dysponuje zmysłami, które informują go o tym co się dzieje wokół niego. Są to: wzrok, słuch, dotyk, węch i smak. Oko jest narządem wzroku, ucho narządem słuchu i równowagi.

Zmysł wzroku – Oko składa się z gałki ocznej i narządów dodatkowych. Gałka oczna zbudowana jest z trzech błon.

Zmysł słuchu – Ucho dzieli się na ucho zewnętrzne, środkowe i wewnętrzne.

Narząd równowagi – znajduje się w uchu wewnętrznym.

Zmysł dotyku – receptory skóry odbierają bodźce dotyku, ucisku, temperatury i bólu.

Zmysł węchu – komórki węchowe znajdują się w górnej części jamy nosowej.

Zmysł smaku – kubki smakowe na języku rozpoznają smaki podstawowe.

Człowiek dysponuje zmysłami, które informują go o tym co się dzieje wokół niego. Są to: wzrok, słuch, dotyk, węch i smak. Oko jest narządem wzroku, ucho narządem słuchu i równowagi.

Zmysł wzroku – Oko składa się z gałki ocznej i narządów dodatkowych. Gałka oczna zbudowana jest z trzech błon.

Zmysł słuchu – Ucho dzieli się na ucho zewnętrzne, środkowe i wewnętrzne.

Narząd równowagi – znajduje się w uchu wewnętrznym.

Zmysł dotyku – receptory skóry odbierają bodźce dotyku, ucisku, temperatury i bólu.

Zmysł węchu – komórki węchowe znajdują się w górnej części jamy nosowej.

Zmysł smaku – kubki smakowe na języku rozpoznają smaki podstawowe.

Człowiek dysponuje zmysłami, które informują go o tym co się dzieje wokół niego. Są to: wzrok, słuch, dotyk, węch i smak. Oko jest narządem wzroku, ucho narządem słuchu i równowagi.

Zmysł wzroku – Oko składa się z gałki ocznej i narządów dodatkowych. Gałka oczna zbudowana jest z trzech błon.

Zmysł słuchu – Ucho dzieli się na ucho zewnętrzne, środkowe i wewnętrzne.

Narząd równowagi – znajduje się w uchu wewnętrznym.

Zmysł dotyku – receptory skóry odbierają bodźce dotyku, ucisku, temperatury i bólu.

Zmysł węchu – komórki węchowe znajdują się w górnej części jamy nosowej.

Zmysł smaku – kubki smakowe na języku rozpoznają smaki podstawowe.

Człowiek dysponuje zmysłami, które informują go o tym co się dzieje wokół niego. Są to: wzrok, słuch, dotyk, węch i smak. Oko jest narządem wzroku, ucho narządem słuchu i równowagi.

Zmysł wzroku – Oko składa się z gałki ocznej i narządów dodatkowych. Gałka oczna zbudowana jest z trzech błon.

Zmysł słuchu – Ucho dzieli się na ucho zewnętrzne, środkowe i wewnętrzne.

Narząd równowagi – znajduje się w uchu wewnętrznym.

Zmysł dotyku – receptory skóry odbierają bodźce dotyku, ucisku, temperatury i bólu.

Zmysł węchu – komórki węchowe znajdują się w górnej części jamy nosowej.

Zmysł smaku – kubki smakowe na języku rozpoznają smaki podstawowe.

Człowiek dysponuje zmysłami, które informują go o tym co się dzieje wokół niego. Są to: wzrok, słuch, dotyk, węch i smak. Oko jest narządem wzroku, ucho narządem słuchu i równowagi.

Zmysł wzroku – Oko składa się z gałki ocznej i narządów dodatkowych. Gałka oczna zbudowana jest z trzech błon.

Zmysł słuchu – Ucho dzieli się na ucho zewnętrzne, środkowe i wewnętrzne.

Narząd równowagi – znajduje się w uchu wewnętrznym.

Zmysł dotyku – receptory skóry odbierają bodźce dotyku, ucisku, temperatury i bólu.

Zmysł węchu – komórki węchowe znajdują się w górnej części jamy nosowej.

Zmysł smaku – kubki smakowe na języku rozpoznają smaki podstawowe.

Człowiek dysponuje zmysłami, które informują go o tym co się dzieje wokół niego. Są to: wzrok, słuch, dotyk, węch i smak. Oko jest narządem wzroku, ucho narządem słuchu i równowagi.

Zmysł wzroku – Oko składa się z gałki ocznej i narządów dodatkowych. Gałka oczna zbudowana jest z trzech błon.

Zmysł słuchu – Ucho dzieli się na ucho zewnętrzne, środkowe i wewnętrzne.

Narząd równowagi – znajduje się w uchu wewnętrznym.

Zmysł dotyku – receptory skóry odbierają bodźce dotyku, ucisku, temperatury i bólu.

Zmysł węchu – komórki węchowe znajdują się w górnej części jamy nosowej.

Zmysł smaku – kubki smakowe na języku rozpoznają smaki podstawowe.

Człowiek dysponuje zmysłami, które informują go o tym co się dzieje wokół niego. Są to: wzrok, słuch, dotyk, węch i smak. Oko jest narządem wzroku, ucho narządem słuchu i równowagi.

Zmysł wzroku – Oko składa się z gałki ocznej i narządów dodatkowych. Gałka oczna zbudowana jest z trzech błon.

Zmysł słuchu – Ucho dzieli się na ucho zewnętrzne, środkowe i wewnętrzne.

Narząd równowagi – znajduje się w uchu wewnętrznym.

Zmysł dotyku – receptory skóry odbierają bodźce dotyku, ucisku, temperatury i bólu.

Zmysł węchu – komórki węchowe znajdują się w górnej części jamy nosowej.

Zmysł smaku – kubki smakowe na języku rozpoznają smaki podstawowe.
